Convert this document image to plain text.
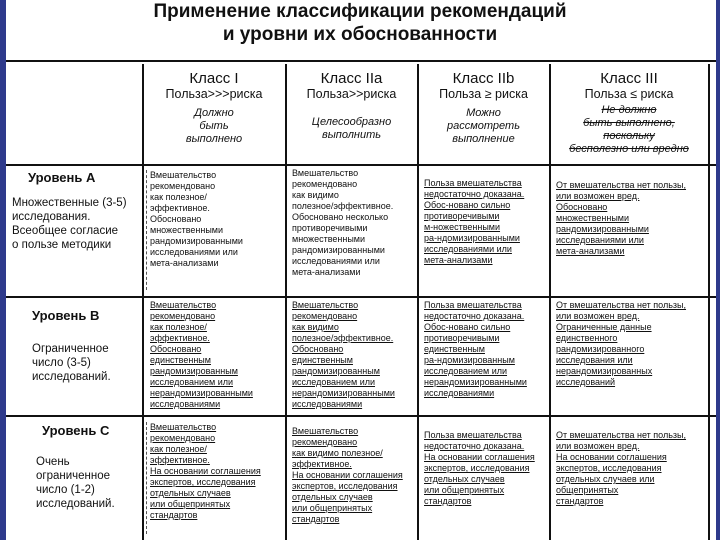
Применение классификации рекомендаций
и уровни их обоснованности
Класс I
Польза>>>риска
Должно
быть
выполнено
Класс IIa
Польза>>риска
Целесообразно
выполнить
Класс IIb
Польза ≥ риска
Можно
рассмотреть
выполнение
Класс III
Польза ≤ риска
Не должно
быть выполнено,
поскольку
бесполезно или вредно
Уровень А
Множественные (3-5)
исследования.
Всеобщее согласие
о пользе методики
Уровень В
Ограниченное
число (3-5)
исследований.
Уровень С
Очень
ограниченное
число (1-2)
исследований.
Вмешательство
рекомендовано
как полезное/
эффективное.
Обосновано
множественными
рандомизированными
исследованиями или
мета-анализами
Вмешательство
рекомендовано
как видимо
полезное/эффективное.
Обосновано несколько
противоречивыми
множественными
рандомизированными
исследованиями или
мета-анализами
Польза вмешательства
недостаточно доказана.
Обос-новано сильно
противоречивыми
м-ножественными
ра-ндомизированными
исследованиями или
мета-анализами
От вмешательства нет пользы,
или возможен вред.
Обосновано
множественными
рандомизированными
исследованиями или
мета-анализами
Вмешательство
рекомендовано
как полезное/
эффективное.
Обосновано
единственным
рандомизированным
исследованием или
нерандомизированными
исследованиями
Вмешательство
рекомендовано
как видимо
полезное/эффективное.
Обосновано
единственным
рандомизированным
исследованием или
нерандомизированными
исследованиями
Польза вмешательства
недостаточно доказана.
Обос-новано сильно
противоречивыми
единственным
ра-ндомизированным
исследованием или
нерандомизированными
исследованиями
От вмешательства нет пользы,
или возможен вред.
Ограниченные данные
единственного
рандомизированного
исследования или
нерандомизированных
исследований
Вмешательство
рекомендовано
как полезное/
эффективное.
На основании соглашения
экспертов, исследования
отдельных случаев
или общепринятых
стандартов
Вмешательство
рекомендовано
как видимо полезное/
эффективное.
На основании соглашения
экспертов, исследования
отдельных случаев
или общепринятых
стандартов
Польза вмешательства
недостаточно доказана.
На основании соглашения
экспертов, исследования
отдельных случаев
или общепринятых
стандартов
От вмешательства нет пользы,
или возможен вред.
На основании соглашения
экспертов, исследования
отдельных случаев или
общепринятых
стандартов
